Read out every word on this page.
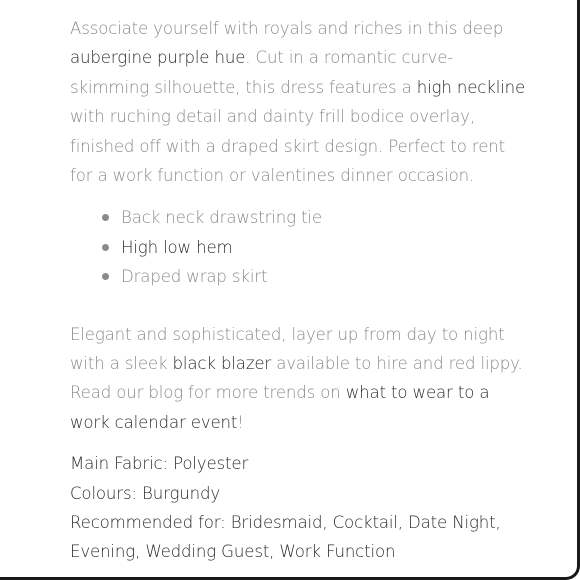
Associate yourself with royals and riches in this deep aubergine purple hue. Cut in a romantic curve-skimming silhouette, this dress features a high neckline with ruching detail and dainty frill bodice overlay, finished off with a draped skirt design. Perfect to rent for a work function or valentines dinner occasion.

Back neck drawstring tie
High low hem
Draped wrap skirt

Elegant and sophisticated, layer up from day to night with a sleek black blazer available to hire and red lippy. Read our blog for more trends on what to wear to a work calendar event!

Main Fabric: Polyester
Colours: Burgundy
Recommended for: Bridesmaid, Cocktail, Date Night, Evening, Wedding Guest, Work Function
